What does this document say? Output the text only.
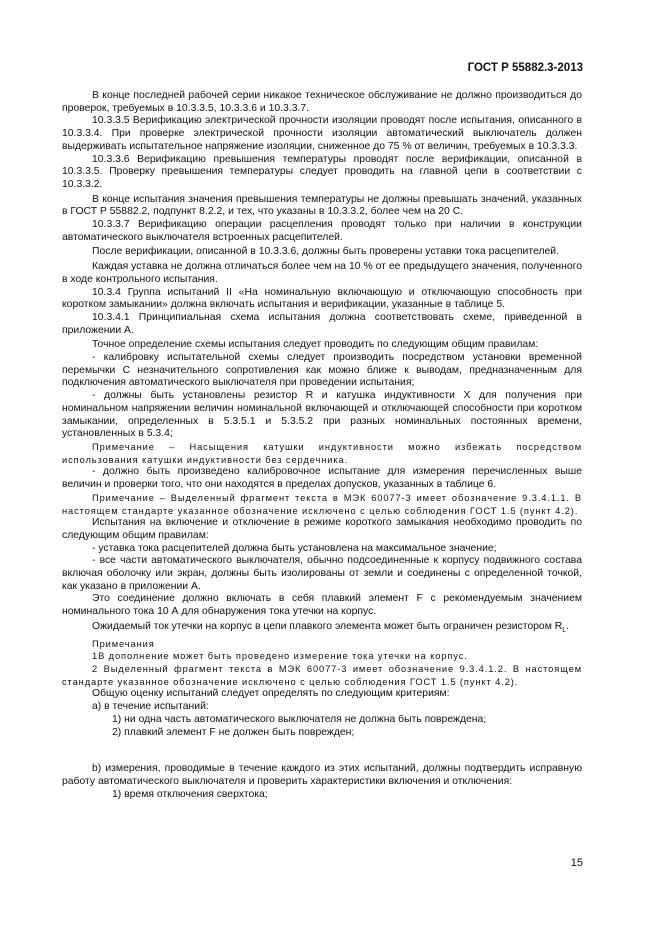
ГОСТ Р 55882.3-2013

В конце последней рабочей серии никакое техническое обслуживание не должно производиться до проверок, требуемых в 10.3.3.5, 10.3.3.6 и 10.3.3.7.

10.3.3.5 Верификацию электрической прочности изоляции проводят после испытания, описанного в 10.3.3.4. При проверке электрической прочности изоляции автоматический выключатель должен выдерживать испытательное напряжение изоляции, сниженное до 75 % от величин, требуемых в 10.3.3.3.

10.3.3.6 Верификацию превышения температуры проводят после верификации, описанной в 10.3.3.5. Проверку превышения температуры следует проводить на главной цепи в соответствии с 10.3.3.2.

В конце испытания значения превышения температуры не должны превышать значений, указанных в ГОСТ Р 55882.2, подпункт 8.2.2, и тех, что указаны в 10.3.3.2, более чем на 20 С.

10.3.3.7 Верификацию операции расцепления проводят только при наличии в конструкции автоматического выключателя встроенных расцепителей.

После верификации, описанной в 10.3.3.6, должны быть проверены уставки тока расцепителей.

Каждая уставка не должна отличаться более чем на 10 % от ее предыдущего значения, полученного в ходе контрольного испытания.

10.3.4 Группа испытаний II «На номинальную включающую и отключающую способность при коротком замыкании» должна включать испытания и верификации, указанные в таблице 5.

10.3.4.1 Принципиальная схема испытания должна соответствовать схеме, приведенной в приложении А.

Точное определение схемы испытания следует проводить по следующим общим правилам:

- калибровку испытательной схемы следует производить посредством установки временной перемычки C незначительного сопротивления как можно ближе к выводам, предназначенным для подключения автоматического выключателя при проведении испытания;

- должны быть установлены резистор R и катушка индуктивности X для получения при номинальном напряжении величин номинальной включающей и отключающей способности при коротком замыкании, определенных в 5.3.5.1 и 5.3.5.2 при разных номинальных постоянных времени, установленных в 5.3.4;

Примечание – Насыщения катушки индуктивности можно избежать посредством использования катушки индуктивности без сердечника.

- должно быть произведено калибровочное испытание для измерения перечисленных выше величин и проверки того, что они находятся в пределах допусков, указанных в таблице 6.

Примечание – Выделенный фрагмент текста в МЭК 60077-3 имеет обозначение 9.3.4.1.1. В настоящем стандарте указанное обозначение исключено с целью соблюдения ГОСТ 1.5 (пункт 4.2).

Испытания на включение и отключение в режиме короткого замыкания необходимо проводить по следующим общим правилам:

- уставка тока расцепителей должна быть установлена на максимальное значение;

- все части автоматического выключателя, обычно подсоединенные к корпусу подвижного состава включая оболочку или экран, должны быть изолированы от земли и соединены с определенной точкой, как указано в приложении А.

Это соединение должно включать в себя плавкий элемент F с рекомендуемым значением номинального тока 10 А для обнаружения тока утечки на корпус.

Ожидаемый ток утечки на корпус в цепи плавкого элемента может быть ограничен резистором $R_L$.

Примечания

1В дополнение может быть проведено измерение тока утечки на корпус.

2 Выделенный фрагмент текста в МЭК 60077-3 имеет обозначение 9.3.4.1.2. В настоящем стандарте указанное обозначение исключено с целью соблюдения ГОСТ 1.5 (пункт 4.2).

Общую оценку испытаний следует определять по следующим критериям:

а) в течение испытаний:

1) ни одна часть автоматического выключателя не должна быть повреждена;

2) плавкий элемент F не должен быть поврежден;

b) измерения, проводимые в течение каждого из этих испытаний, должны подтвердить исправную работу автоматического выключателя и проверить характеристики включения и отключения:

1) время отключения сверхтока;

15
